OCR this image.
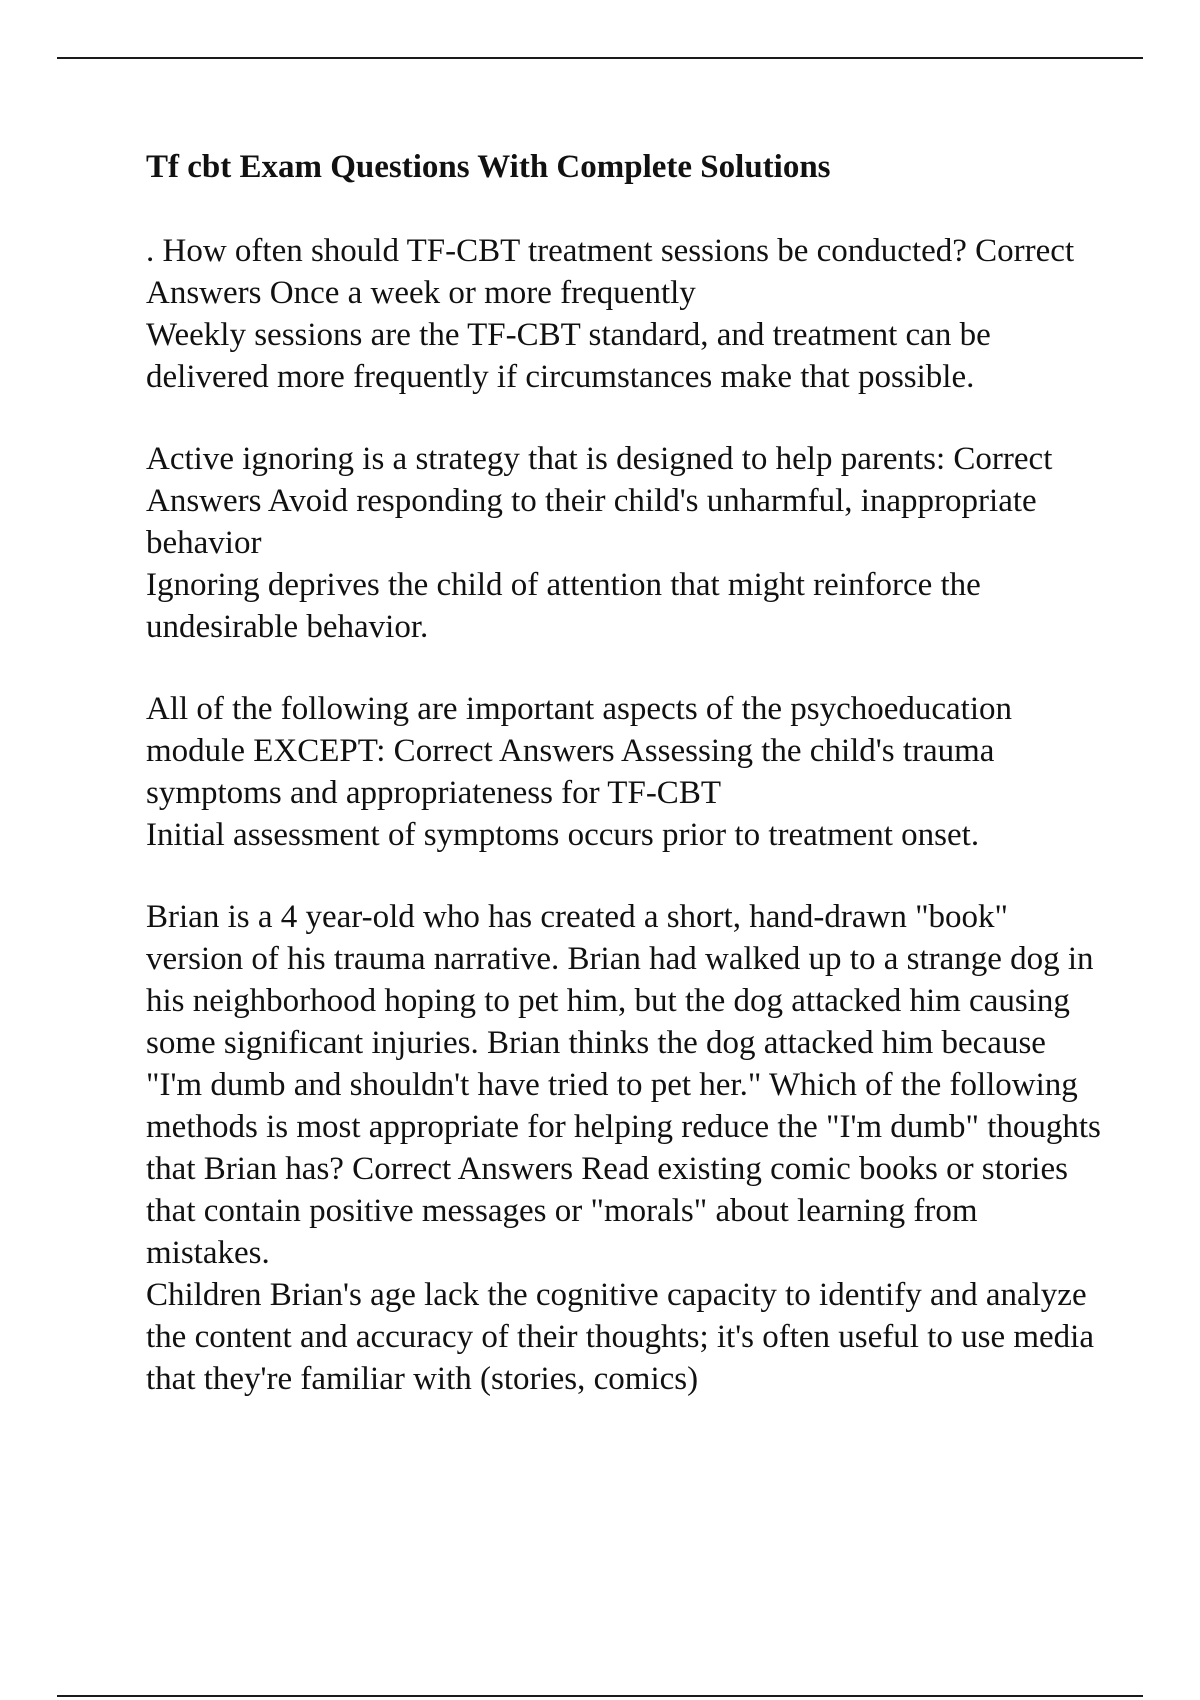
Tf cbt Exam Questions With Complete Solutions

. How often should TF-CBT treatment sessions be conducted? Correct Answers Once a week or more frequently

Weekly sessions are the TF-CBT standard, and treatment can be delivered more frequently if circumstances make that possible.

Active ignoring is a strategy that is designed to help parents: Correct Answers Avoid responding to their child's unharmful, inappropriate behavior

Ignoring deprives the child of attention that might reinforce the undesirable behavior.

All of the following are important aspects of the psychoeducation module EXCEPT: Correct Answers Assessing the child's trauma symptoms and appropriateness for TF-CBT

Initial assessment of symptoms occurs prior to treatment onset.

Brian is a 4 year-old who has created a short, hand-drawn "book" version of his trauma narrative. Brian had walked up to a strange dog in his neighborhood hoping to pet him, but the dog attacked him causing some significant injuries. Brian thinks the dog attacked him because "I'm dumb and shouldn't have tried to pet her." Which of the following methods is most appropriate for helping reduce the "I'm dumb" thoughts that Brian has? Correct Answers Read existing comic books or stories that contain positive messages or "morals" about learning from mistakes.

Children Brian's age lack the cognitive capacity to identify and analyze the content and accuracy of their thoughts; it's often useful to use media that they're familiar with (stories, comics)
